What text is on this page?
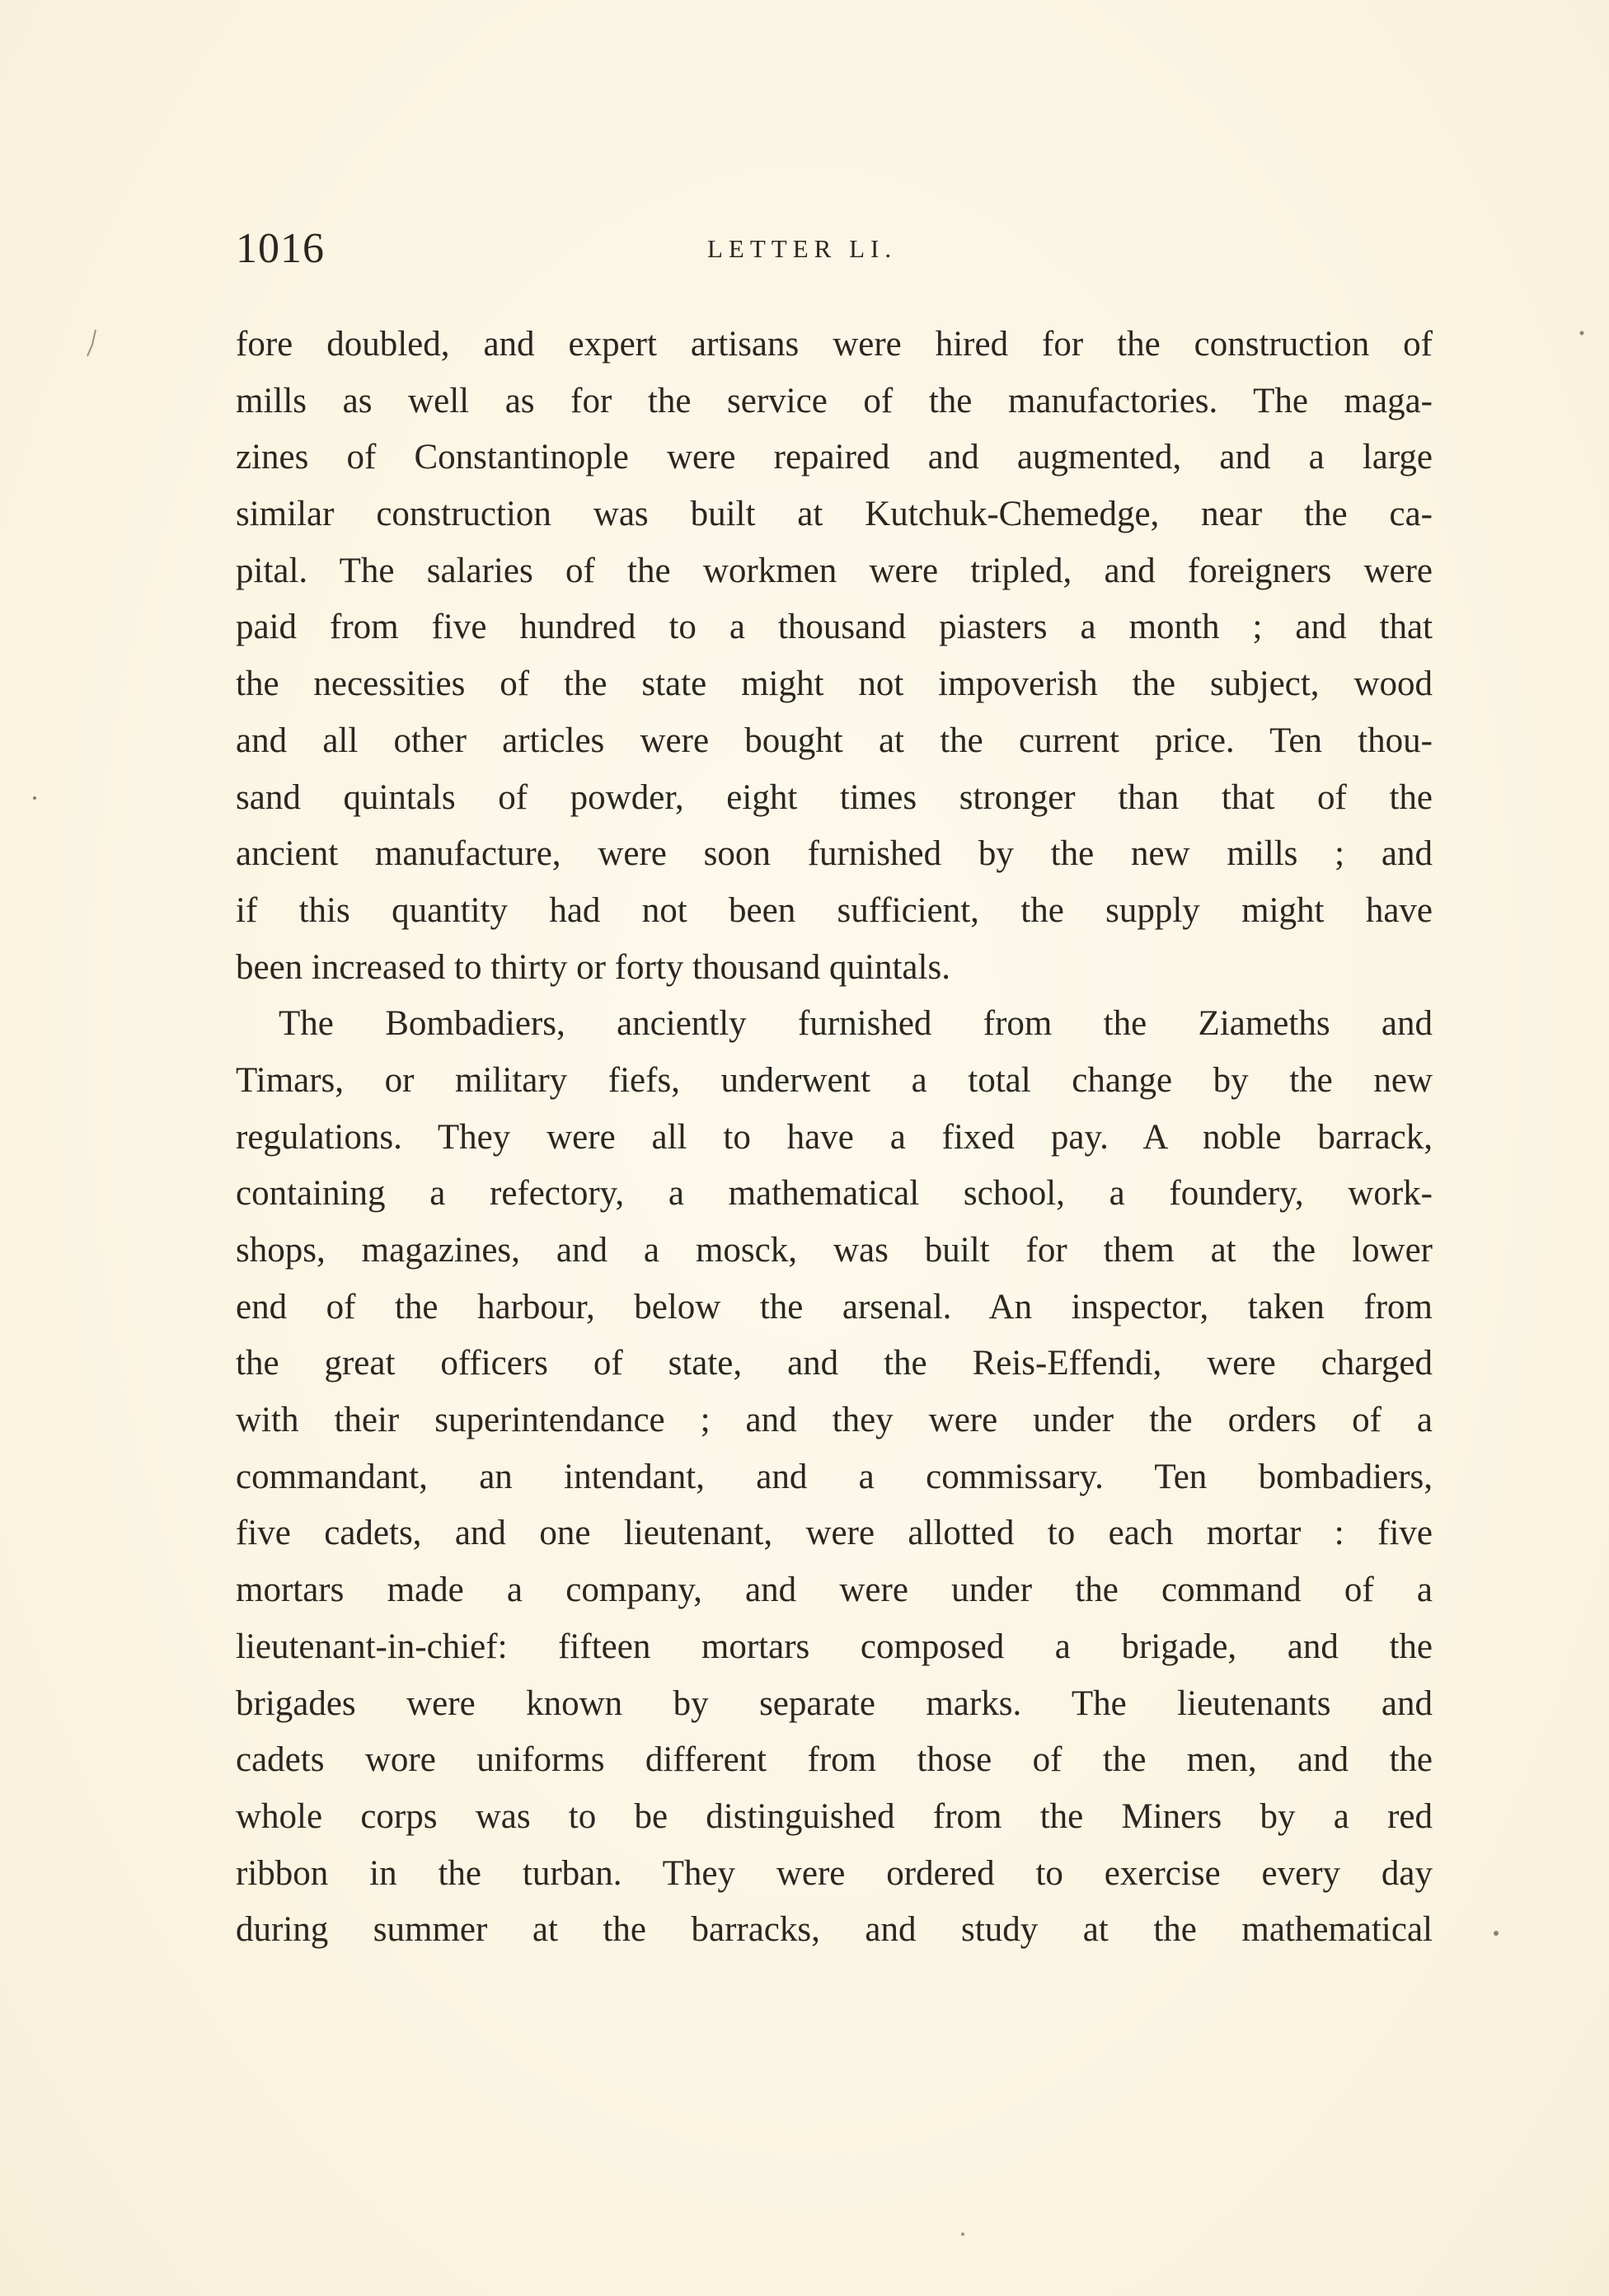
1016	LETTER LI.
fore doubled, and expert artisans were hired for the construction of
mills as well as for the service of the manufactories. The maga-
zines of Constantinople were repaired and augmented, and a large
similar construction was built at Kutchuk-Chemedge, near the ca-
pital. The salaries of the workmen were tripled, and foreigners were
paid from five hundred to a thousand piasters a month ; and that
the necessities of the state might not impoverish the subject, wood
and all other articles were bought at the current price. Ten thou-
sand quintals of powder, eight times stronger than that of the
ancient manufacture, were soon furnished by the new mills ; and
if this quantity had not been sufficient, the supply might have
been increased to thirty or forty thousand quintals.
The Bombadiers, anciently furnished from the Ziameths and
Timars, or military fiefs, underwent a total change by the new
regulations. They were all to have a fixed pay. A noble barrack,
containing a refectory, a mathematical school, a foundery, work-
shops, magazines, and a mosck, was built for them at the lower
end of the harbour, below the arsenal. An inspector, taken from
the great officers of state, and the Reis-Effendi, were charged
with their superintendance ; and they were under the orders of a
commandant, an intendant, and a commissary. Ten bombadiers,
five cadets, and one lieutenant, were allotted to each mortar : five
mortars made a company, and were under the command of a
lieutenant-in-chief: fifteen mortars composed a brigade, and the
brigades were known by separate marks. The lieutenants and
cadets wore uniforms different from those of the men, and the
whole corps was to be distinguished from the Miners by a red
ribbon in the turban. They were ordered to exercise every day
during summer at the barracks, and study at the mathematical
